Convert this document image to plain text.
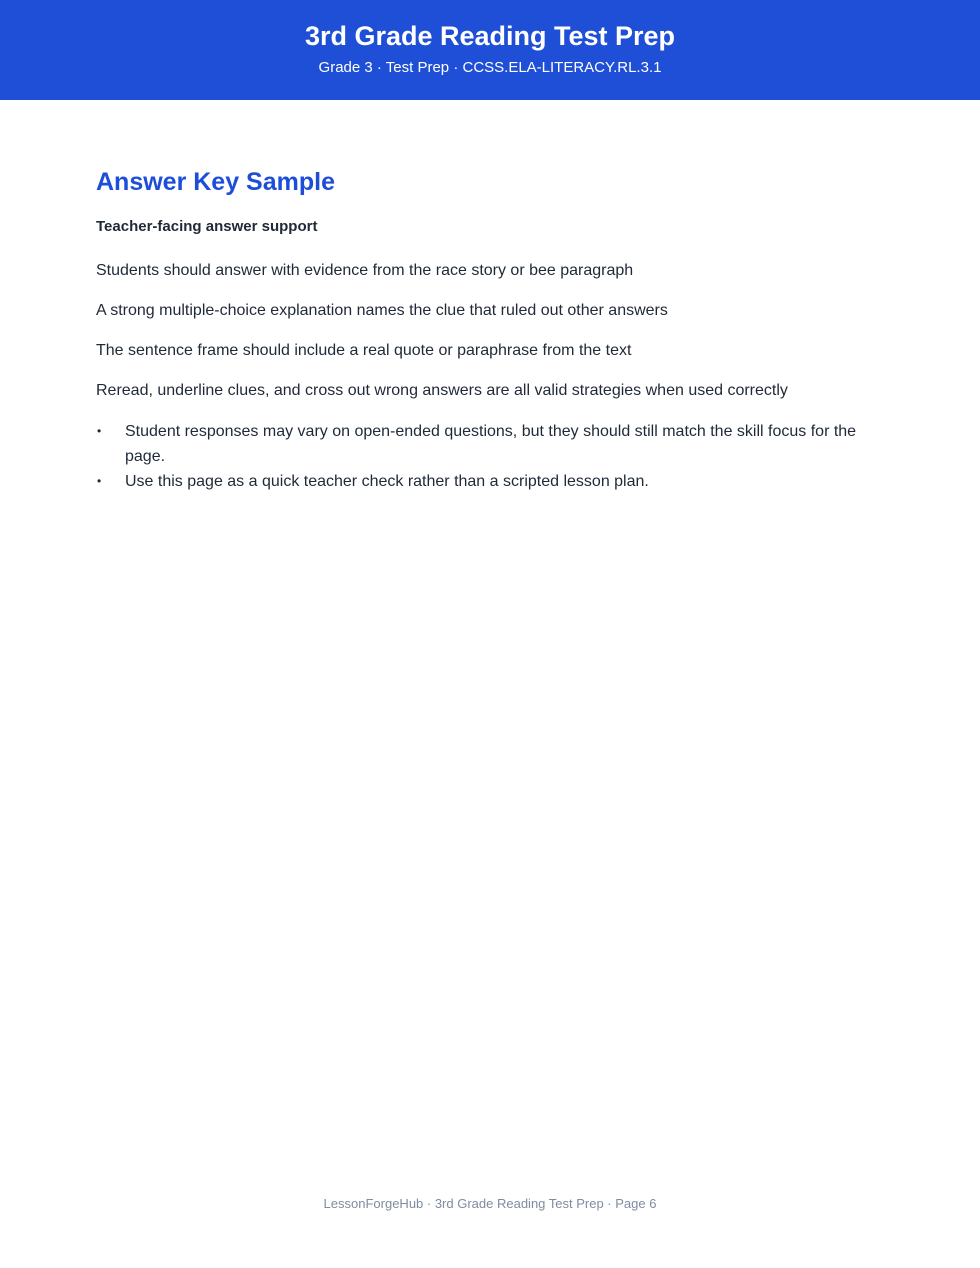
3rd Grade Reading Test Prep
Grade 3 · Test Prep · CCSS.ELA-LITERACY.RL.3.1
Answer Key Sample
Teacher-facing answer support

Students should answer with evidence from the race story or bee paragraph

A strong multiple-choice explanation names the clue that ruled out other answers

The sentence frame should include a real quote or paraphrase from the text

Reread, underline clues, and cross out wrong answers are all valid strategies when used correctly

• Student responses may vary on open-ended questions, but they should still match the skill focus for the page.
• Use this page as a quick teacher check rather than a scripted lesson plan.
LessonForgeHub · 3rd Grade Reading Test Prep · Page 6
